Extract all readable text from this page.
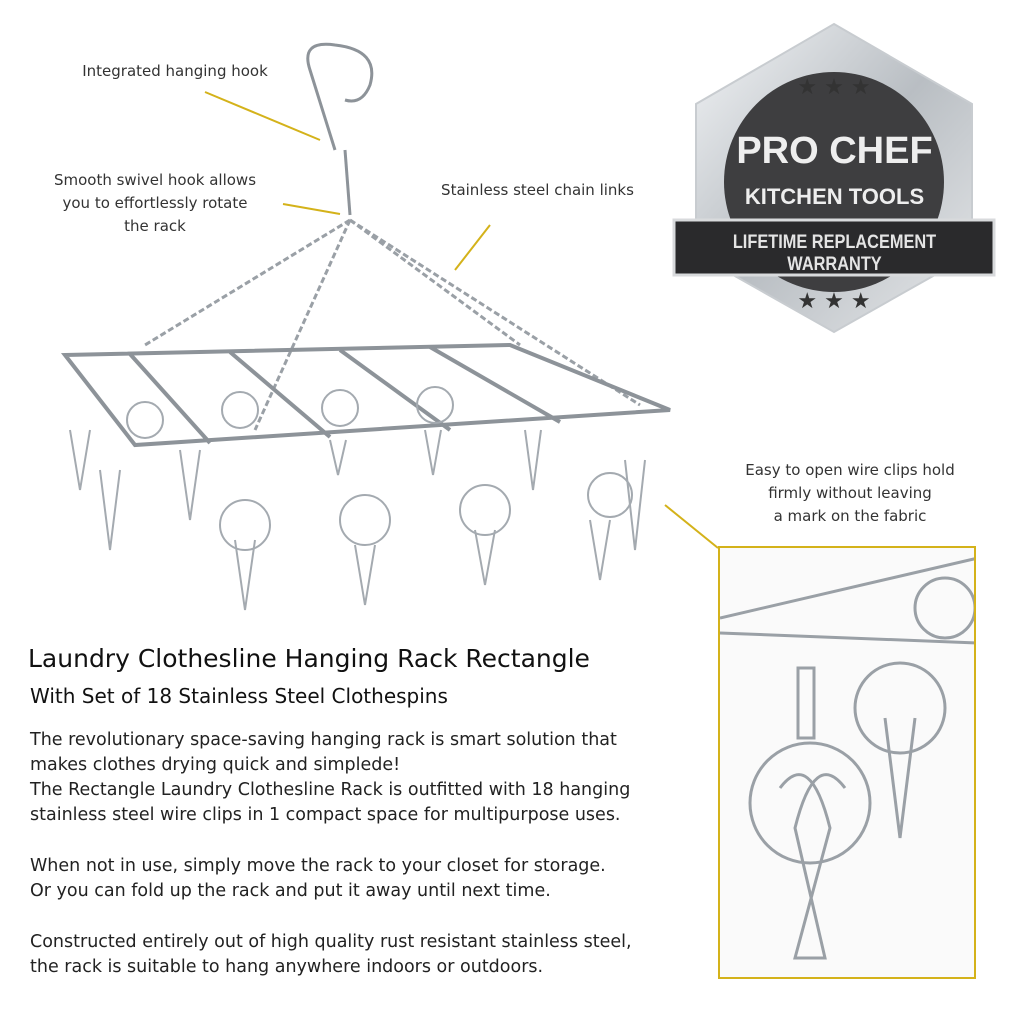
Integrated hanging hook
Smooth swivel hook allows
you to effortlessly rotate
the rack
Stainless steel chain links
Easy to open wire clips hold
firmly without leaving
a mark on the fabric
★ ★ ★
★ ★ ★
PRO CHEF
KITCHEN TOOLS
LIFETIME REPLACEMENT WARRANTY
Laundry Clothesline Hanging Rack Rectangle
With Set of 18 Stainless Steel Clothespins

The revolutionary space-saving hanging rack is smart solution that
makes clothes drying quick and simplede!
The Rectangle Laundry Clothesline Rack is outfitted with 18 hanging
stainless steel wire clips in 1 compact space for multipurpose uses.

When not in use, simply move the rack to your closet for storage.
Or you can fold up the rack and put it away until next time.

Constructed entirely out of high quality rust resistant stainless steel,
the rack is suitable to hang anywhere indoors or outdoors.
